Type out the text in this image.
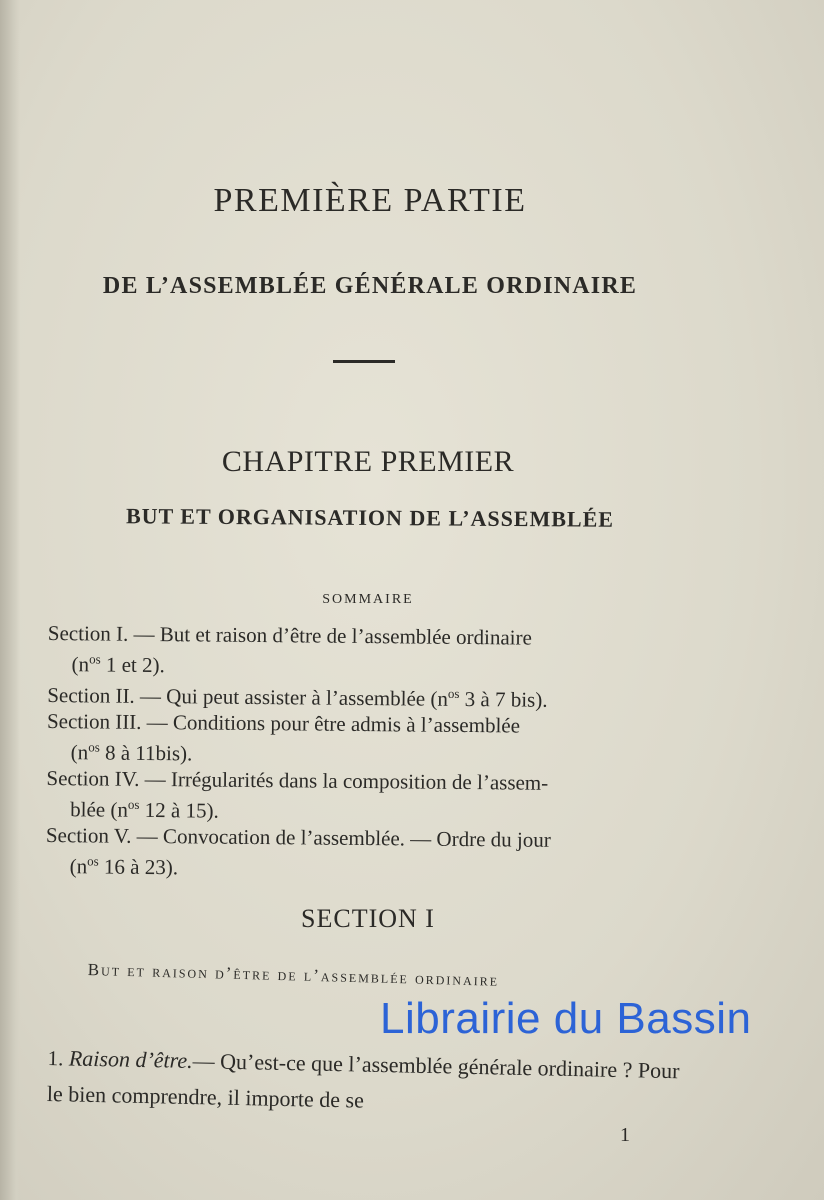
PREMIÈRE PARTIE
DE L’ASSEMBLÉE GÉNÉRALE ORDINAIRE
CHAPITRE PREMIER
BUT ET ORGANISATION DE L’ASSEMBLÉE
SOMMAIRE

Section I. — But et raison d’être de l’assemblée ordinaire
($n^{os}$ 1 et 2).

Section II. — Qui peut assister à l’assemblée ($n^{os}$ 3 à 7 bis).

Section III. — Conditions pour être admis à l’assemblée
($n^{os}$ 8 à 11bis).

Section IV. — Irrégularités dans la composition de l’assem-
blée ($n^{os}$ 12 à 15).

Section V. — Convocation de l’assemblée. — Ordre du jour
($n^{os}$ 16 à 23).

SECTION I
But et raison d’être de l’assemblée ordinaire
1. Raison d’être.— Qu’est-ce que l’assemblée générale ordinaire ? Pour le bien comprendre, il importe de se
1
Librairie du Bassin
